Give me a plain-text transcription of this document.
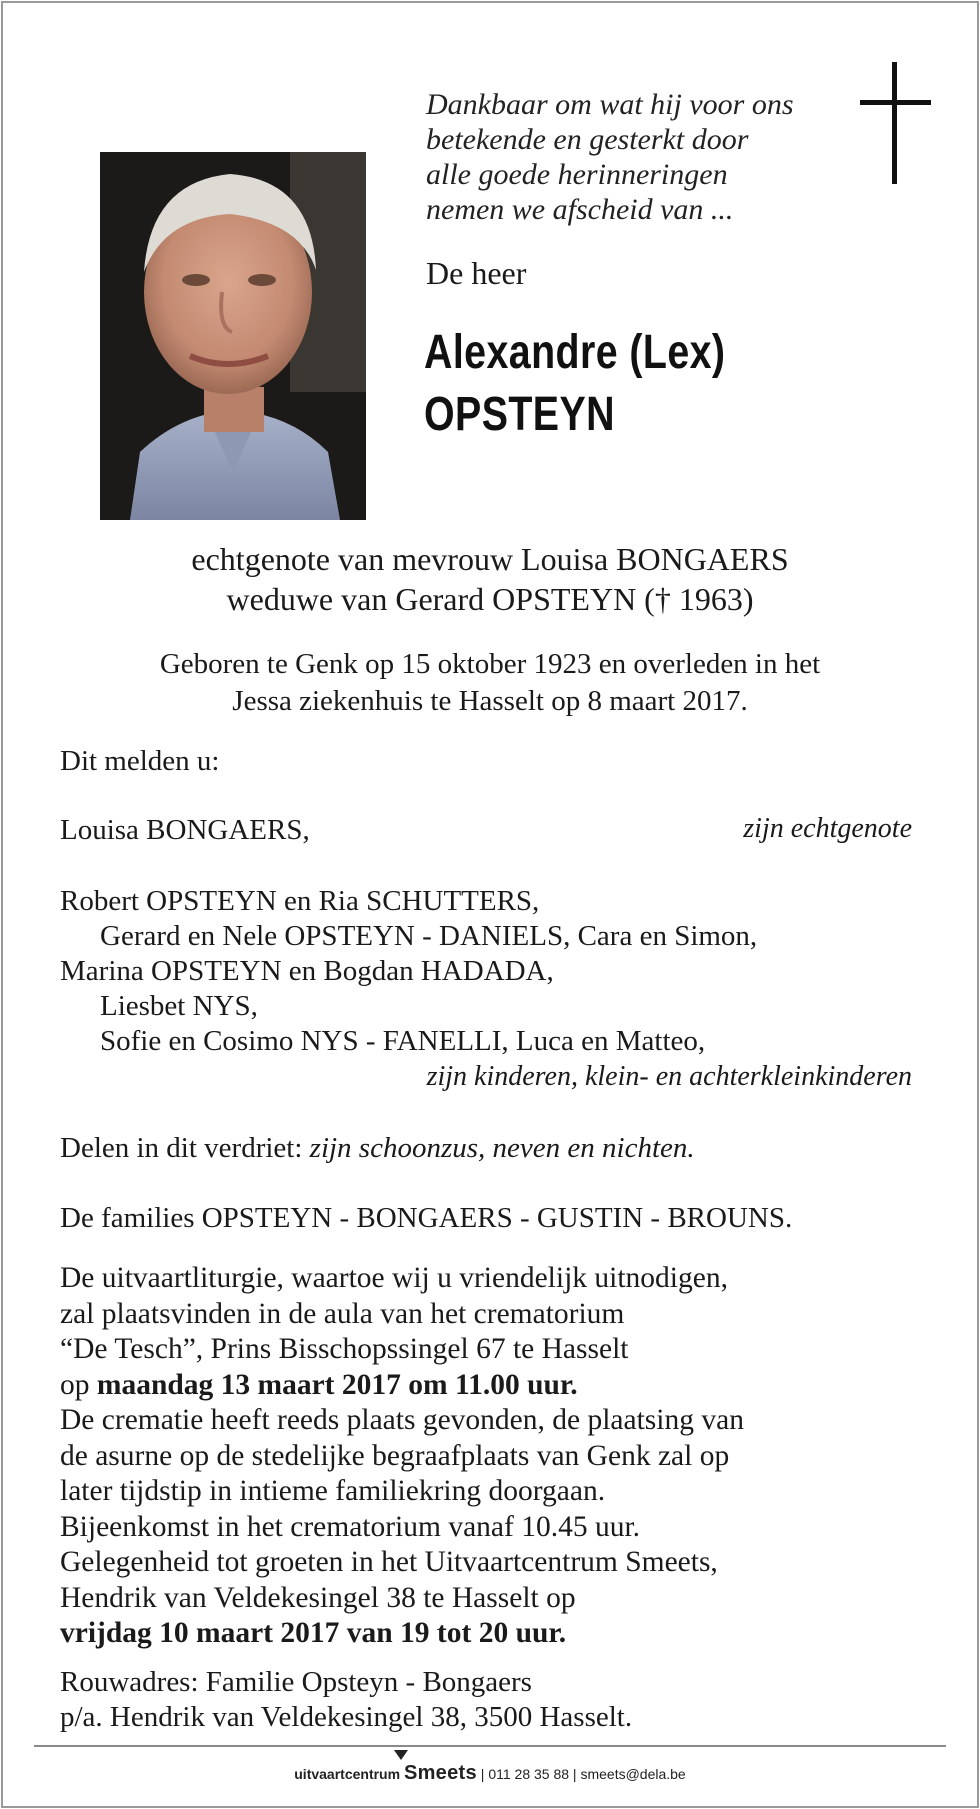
Dankbaar om wat hij voor ons
betekende en gesterkt door
alle goede herinneringen
nemen we afscheid van ...
De heer
Alexandre (Lex)
OPSTEYN
echtgenote van mevrouw Louisa BONGAERS
weduwe van Gerard OPSTEYN († 1963)
Geboren te Genk op 15 oktober 1923 en overleden in het
Jessa ziekenhuis te Hasselt op 8 maart 2017.
Dit melden u:
Louisa BONGAERS,	zijn echtgenote
Robert OPSTEYN en Ria SCHUTTERS,
Gerard en Nele OPSTEYN - DANIELS, Cara en Simon,
Marina OPSTEYN en Bogdan HADADA,
Liesbet NYS,
Sofie en Cosimo NYS - FANELLI, Luca en Matteo,
zijn kinderen, klein- en achterkleinkinderen
Delen in dit verdriet: zijn schoonzus, neven en nichten.
De families OPSTEYN - BONGAERS - GUSTIN - BROUNS.
De uitvaartliturgie, waartoe wij u vriendelijk uitnodigen,
zal plaatsvinden in de aula van het crematorium
“De Tesch”, Prins Bisschopssingel 67 te Hasselt
op maandag 13 maart 2017 om 11.00 uur.
De crematie heeft reeds plaats gevonden, de plaatsing van
de asurne op de stedelijke begraafplaats van Genk zal op
later tijdstip in intieme familiekring doorgaan.
Bijeenkomst in het crematorium vanaf 10.45 uur.
Gelegenheid tot groeten in het Uitvaartcentrum Smeets,
Hendrik van Veldekesingel 38 te Hasselt op
vrijdag 10 maart 2017 van 19 tot 20 uur.
Rouwadres: Familie Opsteyn - Bongaers
p/a. Hendrik van Veldekesingel 38, 3500 Hasselt.
uitvaartcentrum Smeets | 011 28 35 88 | smeets@dela.be
